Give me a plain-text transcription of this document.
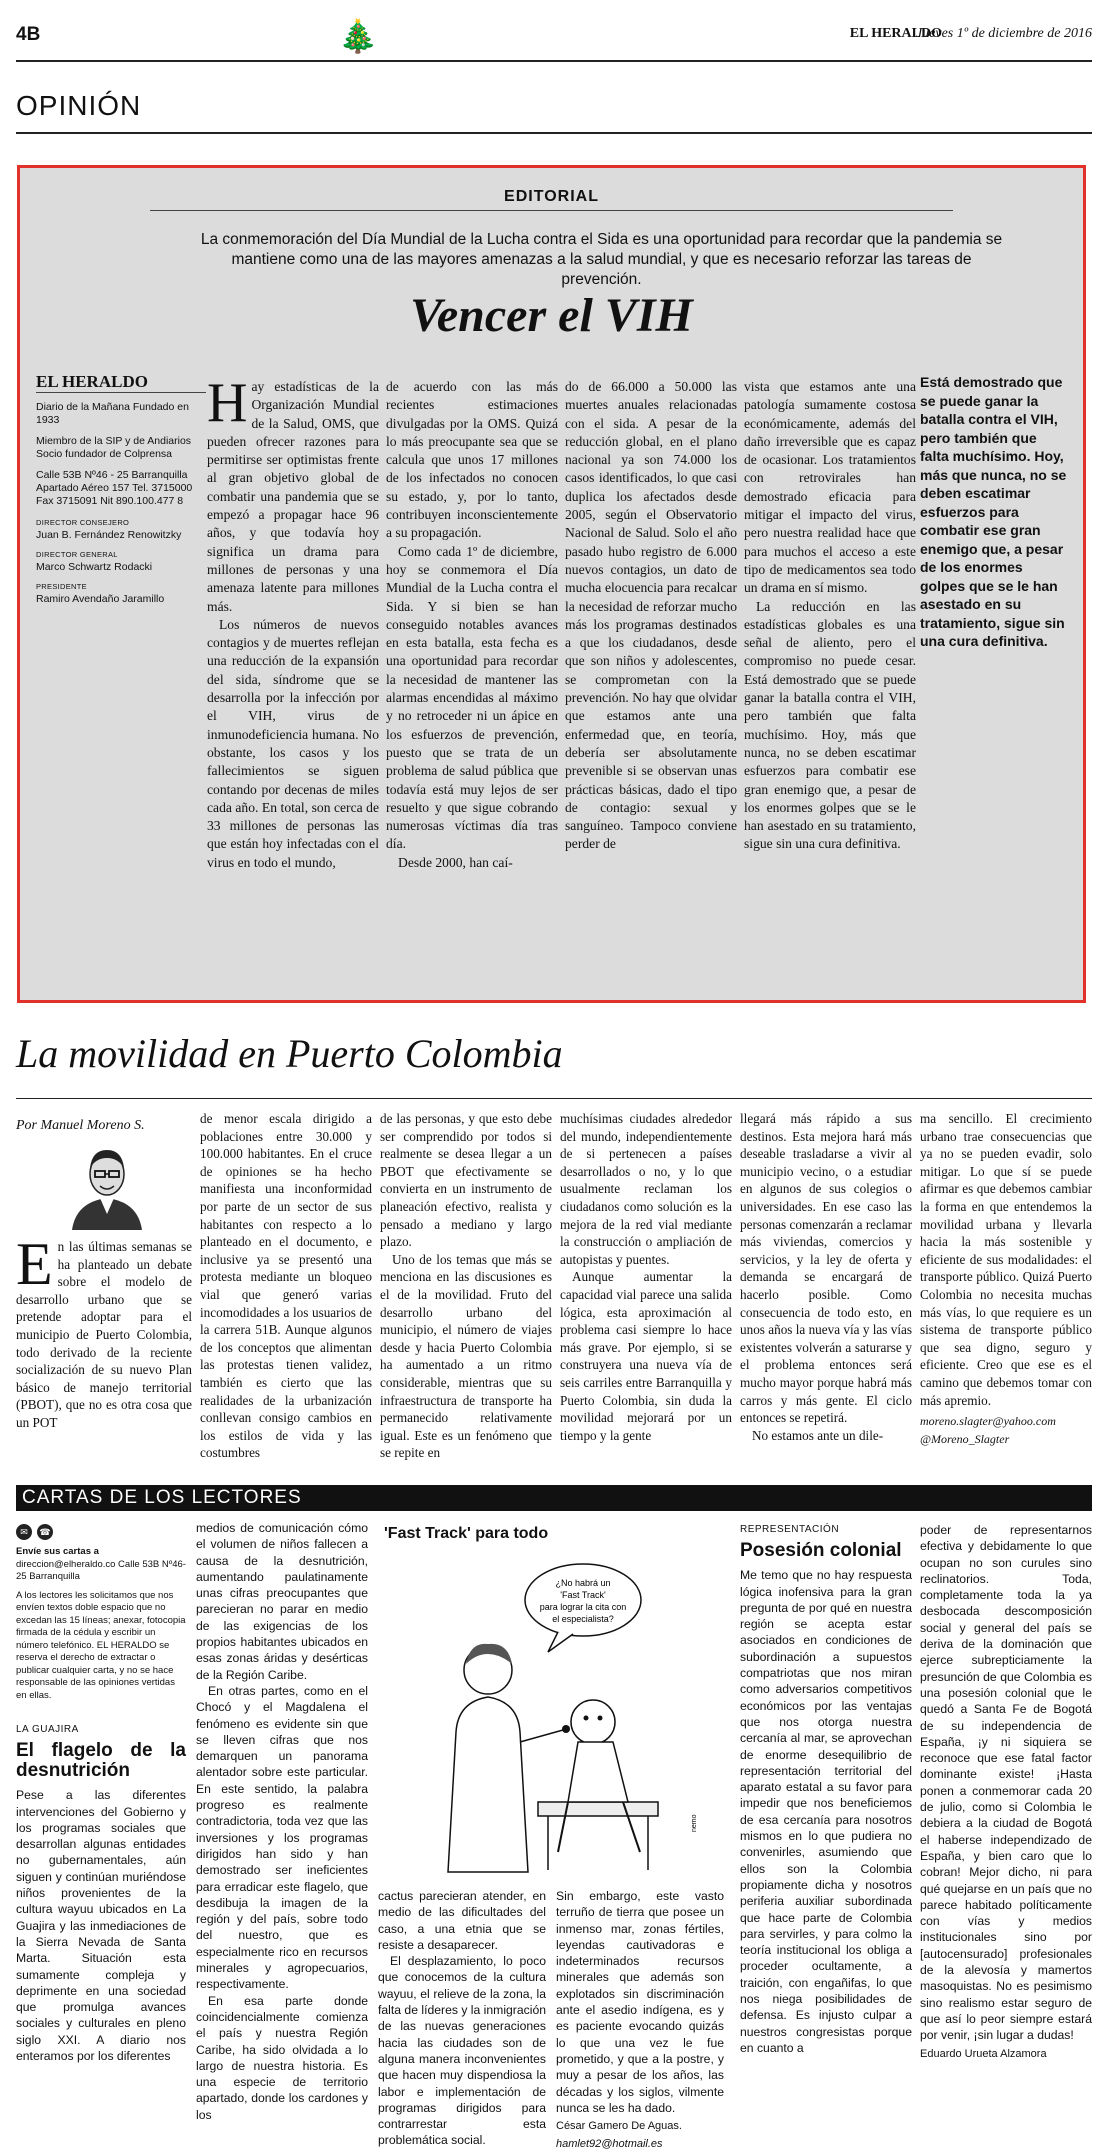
4B	🎄	EL HERALDO
Jueves 1º de diciembre de 2016
OPINIÓN
EDITORIAL
La conmemoración del Día Mundial de la Lucha contra el Sida es una oportunidad para recordar que la pandemia se mantiene como una de las mayores amenazas a la salud mundial, y que es necesario reforzar las tareas de prevención.
Vencer el VIH
EL HERALDO

Diario de la Mañana Fundado en 1933

Miembro de la SIP y de Andiarios Socio fundador de Colprensa

Calle 53B Nº46 - 25 Barranquilla Apartado Aéreo 157 Tel. 3715000 Fax 3715091 Nit 890.100.477 8

DIRECTOR CONSEJERO
Juan B. Fernández Renowitzky
DIRECTOR GENERAL
Marco Schwartz Rodacki
PRESIDENTE
Ramiro Avendaño Jaramillo
H ay estadísticas de la Organización Mundial de la Salud, OMS, que pueden ofrecer razones para permitirse ser optimistas frente al gran objetivo global de combatir una pandemia que se empezó a propagar hace 96 años, y que todavía hoy significa un drama para millones de personas y una amenaza latente para millones más.

Los números de nuevos contagios y de muertes reflejan una reducción de la expansión del sida, síndrome que se desarrolla por la infección por el VIH, virus de inmunodeficiencia humana. No obstante, los casos y los fallecimientos se siguen contando por decenas de miles cada año. En total, son cerca de 33 millones de personas las que están hoy infectadas con el virus en todo el mundo,

de acuerdo con las más recientes estimaciones divulgadas por la OMS. Quizá lo más preocupante sea que se calcula que unos 17 millones de los infectados no conocen su estado, y, por lo tanto, contribuyen inconscientemente a su propagación.

Como cada 1º de diciembre, hoy se conmemora el Día Mundial de la Lucha contra el Sida. Y si bien se han conseguido notables avances en esta batalla, esta fecha es una oportunidad para recordar la necesidad de mantener las alarmas encendidas al máximo y no retroceder ni un ápice en los esfuerzos de prevención, puesto que se trata de un problema de salud pública que todavía está muy lejos de ser resuelto y que sigue cobrando numerosas víctimas día tras día.

Desde 2000, han caí-

do de 66.000 a 50.000 las muertes anuales relacionadas con el sida. A pesar de la reducción global, en el plano nacional ya son 74.000 los casos identificados, lo que casi duplica los afectados desde 2005, según el Observatorio Nacional de Salud. Solo el año pasado hubo registro de 6.000 nuevos contagios, un dato de mucha elocuencia para recalcar la necesidad de reforzar mucho más los programas destinados a que los ciudadanos, desde que son niños y adolescentes, se comprometan con la prevención. No hay que olvidar que estamos ante una enfermedad que, en teoría, debería ser absolutamente prevenible si se observan unas prácticas básicas, dado el tipo de contagio: sexual y sanguíneo. Tampoco conviene perder de

vista que estamos ante una patología sumamente costosa económicamente, además del daño irreversible que es capaz de ocasionar. Los tratamientos con retrovirales han demostrado eficacia para mitigar el impacto del virus, pero nuestra realidad hace que para muchos el acceso a este tipo de medicamentos sea todo un drama en sí mismo.

La reducción en las estadísticas globales es una señal de aliento, pero el compromiso no puede cesar. Está demostrado que se puede ganar la batalla contra el VIH, pero también que falta muchísimo. Hoy, más que nunca, no se deben escatimar esfuerzos para combatir ese gran enemigo que, a pesar de los enormes golpes que se le han asestado en su tratamiento, sigue sin una cura definitiva.

Está demostrado que se puede ganar la batalla contra el VIH, pero también que falta muchísimo. Hoy, más que nunca, no se deben escatimar esfuerzos para combatir ese gran enemigo que, a pesar de los enormes golpes que se le han asestado en su tratamiento, sigue sin una cura definitiva.
La movilidad en Puerto Colombia
Por Manuel Moreno S.
E n las últimas semanas se ha planteado un debate sobre el modelo de desarrollo urbano que se pretende adoptar para el municipio de Puerto Colombia, todo derivado de la reciente socialización de su nuevo Plan básico de manejo territorial (PBOT), que no es otra cosa que un POT

de menor escala dirigido a poblaciones entre 30.000 y 100.000 habitantes. En el cruce de opiniones se ha hecho manifiesta una inconformidad por parte de un sector de sus habitantes con respecto a lo planteado en el documento, e inclusive ya se presentó una protesta mediante un bloqueo vial que generó varias incomodidades a los usuarios de la carrera 51B. Aunque algunos de los conceptos que alimentan las protestas tienen validez, también es cierto que las realidades de la urbanización conllevan consigo cambios en los estilos de vida y las costumbres

de las personas, y que esto debe ser comprendido por todos si realmente se desea llegar a un PBOT que efectivamente se convierta en un instrumento de planeación efectivo, realista y pensado a mediano y largo plazo.

Uno de los temas que más se menciona en las discusiones es el de la movilidad. Fruto del desarrollo urbano del municipio, el número de viajes desde y hacia Puerto Colombia ha aumentado a un ritmo considerable, mientras que su infraestructura de transporte ha permanecido relativamente igual. Este es un fenómeno que se repite en

muchísimas ciudades alrededor del mundo, independientemente de si pertenecen a países desarrollados o no, y lo que usualmente reclaman los ciudadanos como solución es la mejora de la red vial mediante la construcción o ampliación de autopistas y puentes.

Aunque aumentar la capacidad vial parece una salida lógica, esta aproximación al problema casi siempre lo hace más grave. Por ejemplo, si se construyera una nueva vía de seis carriles entre Barranquilla y Puerto Colombia, sin duda la movilidad mejorará por un tiempo y la gente

llegará más rápido a sus destinos. Esta mejora hará más deseable trasladarse a vivir al municipio vecino, o a estudiar en algunos de sus colegios o universidades. En ese caso las personas comenzarán a reclamar más viviendas, comercios y servicios, y la ley de oferta y demanda se encargará de hacerlo posible. Como consecuencia de todo esto, en unos años la nueva vía y las vías existentes volverán a saturarse y el problema entonces será mucho mayor porque habrá más carros y más gente. El ciclo entonces se repetirá.

No estamos ante un dile-

ma sencillo. El crecimiento urbano trae consecuencias que ya no se pueden evadir, solo mitigar. Lo que sí se puede afirmar es que debemos cambiar la forma en que entendemos la movilidad urbana y llevarla hacia la más sostenible y eficiente de sus modalidades: el transporte público. Quizá Puerto Colombia no necesita muchas más vías, lo que requiere es un sistema de transporte público que sea digno, seguro y eficiente. Creo que ese es el camino que debemos tomar con más apremio.

moreno.slagter@yahoo.com
@Moreno_Slagter
CARTAS DE LOS LECTORES
✉	☎
Envíe sus cartas a
direccion@elheraldo.co Calle 53B Nº46-25 Barranquilla
A los lectores les solicitamos que nos envíen textos doble espacio que no excedan las 15 líneas; anexar, fotocopia firmada de la cédula y escribir un número telefónico. EL HERALDO se reserva el derecho de extractar o publicar cualquier carta, y no se hace responsable de las opiniones vertidas en ellas.
LA GUAJIRA
El flagelo de la desnutrición

Pese a las diferentes intervenciones del Gobierno y los programas sociales que desarrollan algunas entidades no gubernamentales, aún siguen y continúan muriéndose niños provenientes de la cultura wayuu ubicados en La Guajira y las inmediaciones de la Sierra Nevada de Santa Marta. Situación esta sumamente compleja y deprimente en una sociedad que promulga avances sociales y culturales en pleno siglo XXI. A diario nos enteramos por los diferentes

medios de comunicación cómo el volumen de niños fallecen a causa de la desnutrición, aumentando paulatinamente unas cifras preocupantes que parecieran no parar en medio de las exigencias de los propios habitantes ubicados en esas zonas áridas y desérticas de la Región Caribe.

En otras partes, como en el Chocó y el Magdalena el fenómeno es evidente sin que se lleven cifras que nos demarquen un panorama alentador sobre este particular. En este sentido, la palabra progreso es realmente contradictoria, toda vez que las inversiones y los programas dirigidos han sido y han demostrado ser ineficientes para erradicar este flagelo, que desdibuja la imagen de la región y del país, sobre todo del nuestro, que es especialmente rico en recursos minerales y agropecuarios, respectivamente.

En esa parte donde coincidencialmente comienza el país y nuestra Región Caribe, ha sido olvidada a lo largo de nuestra historia. Es una especie de territorio apartado, donde los cardones y los

'Fast Track' para todo
¿No habrá un
'Fast Track'
para lograr la cita con
el especialista?
nemo

cactus parecieran atender, en medio de las dificultades del caso, a una etnia que se resiste a desaparecer.

El desplazamiento, lo poco que conocemos de la cultura wayuu, el relieve de la zona, la falta de líderes y la inmigración de las nuevas generaciones hacia las ciudades son de alguna manera inconvenientes que hacen muy dispendiosa la labor e implementación de programas dirigidos para contrarrestar esta problemática social.

Sin embargo, este vasto terruño de tierra que posee un inmenso mar, zonas fértiles, leyendas cautivadoras e indeterminados recursos minerales que además son explotados sin discriminación ante el asedio indígena, es y es paciente evocando quizás lo que una vez le fue prometido, y que a la postre, y muy a pesar de los años, las décadas y los siglos, vilmente nunca se les ha dado.

César Gamero De Aguas.
hamlet92@hotmail.es
REPRESENTACIÓN
Posesión colonial

Me temo que no hay respuesta lógica inofensiva para la gran pregunta de por qué en nuestra región se acepta estar asociados en condiciones de subordinación a supuestos compatriotas que nos miran como adversarios competitivos económicos por las ventajas que nos otorga nuestra cercanía al mar, se aprovechan de enorme desequilibrio de representación territorial del aparato estatal a su favor para impedir que nos beneficiemos de esa cercanía para nosotros mismos en lo que pudiera no convenirles, asumiendo que ellos son la Colombia propiamente dicha y nosotros periferia auxiliar subordinada que hace parte de Colombia para servirles, y para colmo la teoría institucional los obliga a proceder ocultamente, a traición, con engañifas, lo que nos niega posibilidades de defensa. Es injusto culpar a nuestros congresistas porque en cuanto a

poder de representarnos efectiva y debidamente lo que ocupan no son curules sino reclinatorios. Toda, completamente toda la ya desbocada descomposición social y general del país se deriva de la dominación que ejerce subrepticiamente la presunción de que Colombia es una posesión colonial que le quedó a Santa Fe de Bogotá de su independencia de España, ¡y ni siquiera se reconoce que ese fatal factor dominante existe! ¡Hasta ponen a conmemorar cada 20 de julio, como si Colombia le debiera a la ciudad de Bogotá el haberse independizado de España, y bien caro que lo cobran! Mejor dicho, ni para qué quejarse en un país que no parece habitado políticamente con vías y medios institucionales sino por [autocensurado] profesionales de la alevosía y mamertos masoquistas. No es pesimismo sino realismo estar seguro de que así lo peor siempre estará por venir, ¡sin lugar a dudas!

Eduardo Urueta Alzamora
